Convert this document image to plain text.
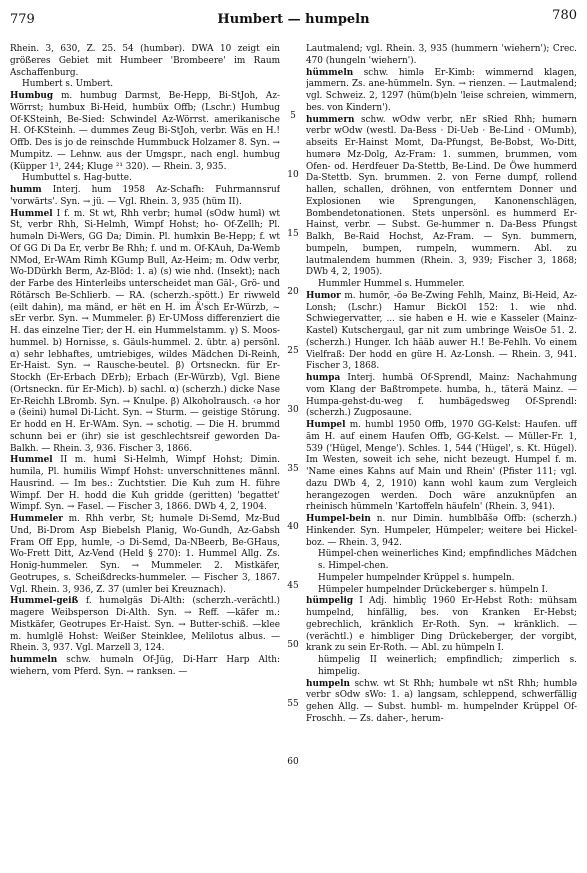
779	Humbert — humpeln	780

Rhein. 3, 630, Z. 25. 54 (humbər). DWA 10 zeigt ein größeres Gebiet mit Humbeer 'Brombeere' im Raum Aschaffenburg.

Humbert s. Umbert.

Humbug m. humbug Darmst, Be-Hepp, Bi-StJoh, Az-Wörrst; humbux Bi-Heid, humbüx Offb; (Lschr.) Humbug Of-KSteinh, Be-Sied: Schwindel Az-Wörrst. amerikanische H. Of-KSteinh. — dummes Zeug Bi-StJoh, verbr. Wäs en H.! Offb. Des is jo de reinschde Hummbuck Holzamer 8. Syn. → Mumpitz. — Lehnw. aus der Umgspr., nach engl. humbug (Küpper 1³, 244; Kluge ²¹ 320). — Rhein. 3, 935.

Humbuttel s. Hag-butte.

humm Interj. hum 1958 Az-Schafh: Fuhrmannsruf 'vorwärts'. Syn. → jü. — Vgl. Rhein. 3, 935 (hüm II).

Hummel I f. m. St wt, Rhh verbr; huməl (sOdw humƚ) wt St, verbr Rhh, Si-Helmh, Wimpf Hohst; ho- Of-Zellh; Pl. huməln Di-Wers, GG Da; Dimin. Pl. humƚxin Be-Hepp; f. wt Of GG Di Da Er, verbr Be Rhh; f. und m. Of-KAuh, Da-Wemb NMod, Er-WAm Rimh KGump Bull, Az-Heim; m. Odw verbr, Wo-DDürkh Berm, Az-Blöd: 1. a) (s) wie nhd. (Insekt); nach der Farbe des Hinterleibs unterscheidet man Gäl-, Grö- und Rötärsch Be-Schlierb. — RA. (scherzh.-spött.) Er riwweld (eilt dahin), ma mänd, er hët en H. im Ä'sch Er-Würzb, ~ sEr verbr. Syn. → Mummeler. β) Er-UMoss differenziert die H. das einzelne Tier; der H. ein Hummelstamm. γ) S. Moos-hummel. b) Hornisse, s. Gäuls-hummel. 2. übtr. a) persönl. α) sehr lebhaftes, umtriebiges, wildes Mädchen Di-Reinh, Er-Haist. Syn. → Rausche-beutel. β) Ortsneckn. für Er-Stockh (Er-Erbach DErb); Erbach (Er-Würzb), Vgl. Biene (Ortsneckn. für Er-Mich). b) sachl. α) (scherzh.) dicke Nase Er-Reichh LBromb. Syn. → Knulpe. β) Alkoholrausch. ‹ə hor ə (šeini) huməl Di-Licht. Syn. → Sturm. — geistige Störung. Er hodd en H. Er-WAm. Syn. → schotig. — Die H. brummd schunn bei er (ihr) sie ist geschlechtsreif geworden Da-Balkh. — Rhein. 3, 936. Fischer 3, 1866.

Hummel II m. humƚ Si-Helmh, Wimpf Hohst; Dimin. humila, Pl. humilis Wimpf Hohst: unverschnittenes männl. Hausrind. — Im bes.: Zuchtstier. Die Kuh zum H. führe Wimpf. Der H. hodd die Kuh gridde (geritten) 'begattet' Wimpf. Syn. → Fasel. — Fischer 3, 1866. DWb 4, 2, 1904.

Hummeler m. Rhh verbr, St; huməlɐ Di-Semd, Mz-Bud Und, Bi-Drom Asp Biebelsh Planig, Wo-Gundh, Az-Gabsh Fram Off Epp, humlɐ, -ɔ Di-Semd, Da-NBeerb, Be-GHaus, Wo-Frett Ditt, Az-Vend (Held § 270): 1. Hummel Allg. Zs. Honig-hummeler. Syn. → Mummeler. 2. Mistkäfer, Geotrupes, s. Scheißdrecks-hummeler. — Fischer 3, 1867. Vgl. Rhein. 3, 936, Z. 37 (umlɐr bei Kreuznach).

Hummel-geiß f. huməlgäs Di-Alth: (scherzh.-verächtl.) magere Weibsperson Di-Alth. Syn. → Reff. —käfer m.: Mistkäfer, Geotrupes Er-Haist. Syn. → Butter-schiß. —klee m. humlglë Hohst: Weißer Steinklee, Melilotus albus. — Rhein. 3, 937. Vgl. Marzell 3, 124.

hummeln schw. huməln Of-Jüg, Di-Harr Harp Alth: wiehern, vom Pferd. Syn. → ranksen. —

5
10
15
20
25
30
35
40
45
50
55
60

Lautmalend; vgl. Rhein. 3, 935 (hummern 'wiehern'); Crec. 470 (hungeln 'wiehern').

hümmeln schw. himlə Er-Kimb: wimmernd klagen, jammern. Zs. ane-hümmeln. Syn. → rienzen. — Lautmalend; vgl. Schweiz. 2, 1297 (hüm(b)eln 'leise schreien, wimmern, bes. von Kindern').

hummern schw. wOdw verbr, nEr sRied Rhh; humərn verbr wOdw (westl. Da-Bess · Di-Ueb · Be-Lind · OMumb), abseits Er-Hainst Momt, Da-Pfungst, Be-Bobst, Wo-Ditt, humərə Mz-Dolg, Az-Fram: 1. summen, brummen, vom Ofen- od. Herdfeuer Da-Stettb, Be-Lind. De Öwe hummerd Da-Stettb. Syn. brummen. 2. von Ferne dumpf, rollend hallen, schallen, dröhnen, von entferntem Donner und Explosionen wie Sprengungen, Kanonenschlägen, Bombendetonationen. Stets unpersönl. es hummerd Er-Hainst, verbr. — Subst. Ge-hummer n. Da-Bess Pfungst Balkh, Be-Raid Hochst, Az-Fram. — Syn. bummern, bumpeln, bumpen, rumpeln, wummern. Abl. zu lautmalendem hummen (Rhein. 3, 939; Fischer 3, 1868; DWb 4, 2, 1905).

Hummler Hummel s. Hummeler.

Humor m. humōr, -ōə Be-Zwing Fehlh, Mainz, Bi-Heid, Az-Lonsh; (Lschr.) Hamur BickOl 152: 1. wie nhd. Schwiegervatter, ... sie haben e H. wie e Kasseler (Mainz-Kastel) Kutschergaul, gar nit zum umbringe WeisOe 51. 2. (scherzh.) Hunger. Ich hääb auwer H.! Be-Fehlh. Vo einem Vielfraß: Der hodd en güre H. Az-Lonsh. — Rhein. 3, 941. Fischer 3, 1868.

humpa Interj. humbä Of-Sprendl, Mainz: Nachahmung vom Klang der Baßtrompete. humba, h., täterä Mainz. — Humpa-gehst-du-weg f. humbägedsweg Of-Sprendl: (scherzh.) Zugposaune.

Humpel m. humbl 1950 Offb, 1970 GG-Kelst: Haufen. uff ām H. auf einem Haufen Offb, GG-Kelst. — Müller-Fr. 1, 539 ('Hügel, Menge'). Schles. 1, 544 ('Hügel', s. Kt. Hügel). Im Westen, soweit ich sehe, nicht bezeugt. Humpel f. m. 'Name eines Kahns auf Main und Rhein' (Pfister 111; vgl. dazu DWb 4, 2, 1910) kann wohl kaum zum Vergleich herangezogen werden. Doch wäre anzuknüpfen an rheinisch hümmeln 'Kartoffeln häufeln' (Rhein. 3, 941).

Humpel-bein n. nur Dimin. humblbä̃šə Offb: (scherzh.) Hinkender. Syn. Humpeler, Hümpeler; weitere bei Hickel-boz. — Rhein. 3, 942.

Hümpel-chen weinerliches Kind; empfindliches Mädchen s. Himpel-chen.

Humpeler humpelnder Krüppel s. humpeln.

Hümpeler humpelnder Drückeberger s. hümpeln I.

hümpelig I Adj. himblìç 1960 Er-Hebst Roth: mühsam humpelnd, hinfällig, bes. von Kranken Er-Hebst; gebrechlich, kränklich Er-Roth. Syn. → kränklich. — (verächtl.) e himbliger Ding Drückeberger, der vorgibt, krank zu sein Er-Roth. — Abl. zu hümpeln I.

hümpelig II weinerlich; empfindlich; zimperlich s. himpelig.

humpeln schw. wt St Rhh; humbəlɐ wt nSt Rhh; humblə verbr sOdw sWo: 1. a) langsam, schleppend, schwerfällig gehen Allg. — Subst. humbl- m. humpelnder Krüppel Of-Froschh. — Zs. daher-, herum-
